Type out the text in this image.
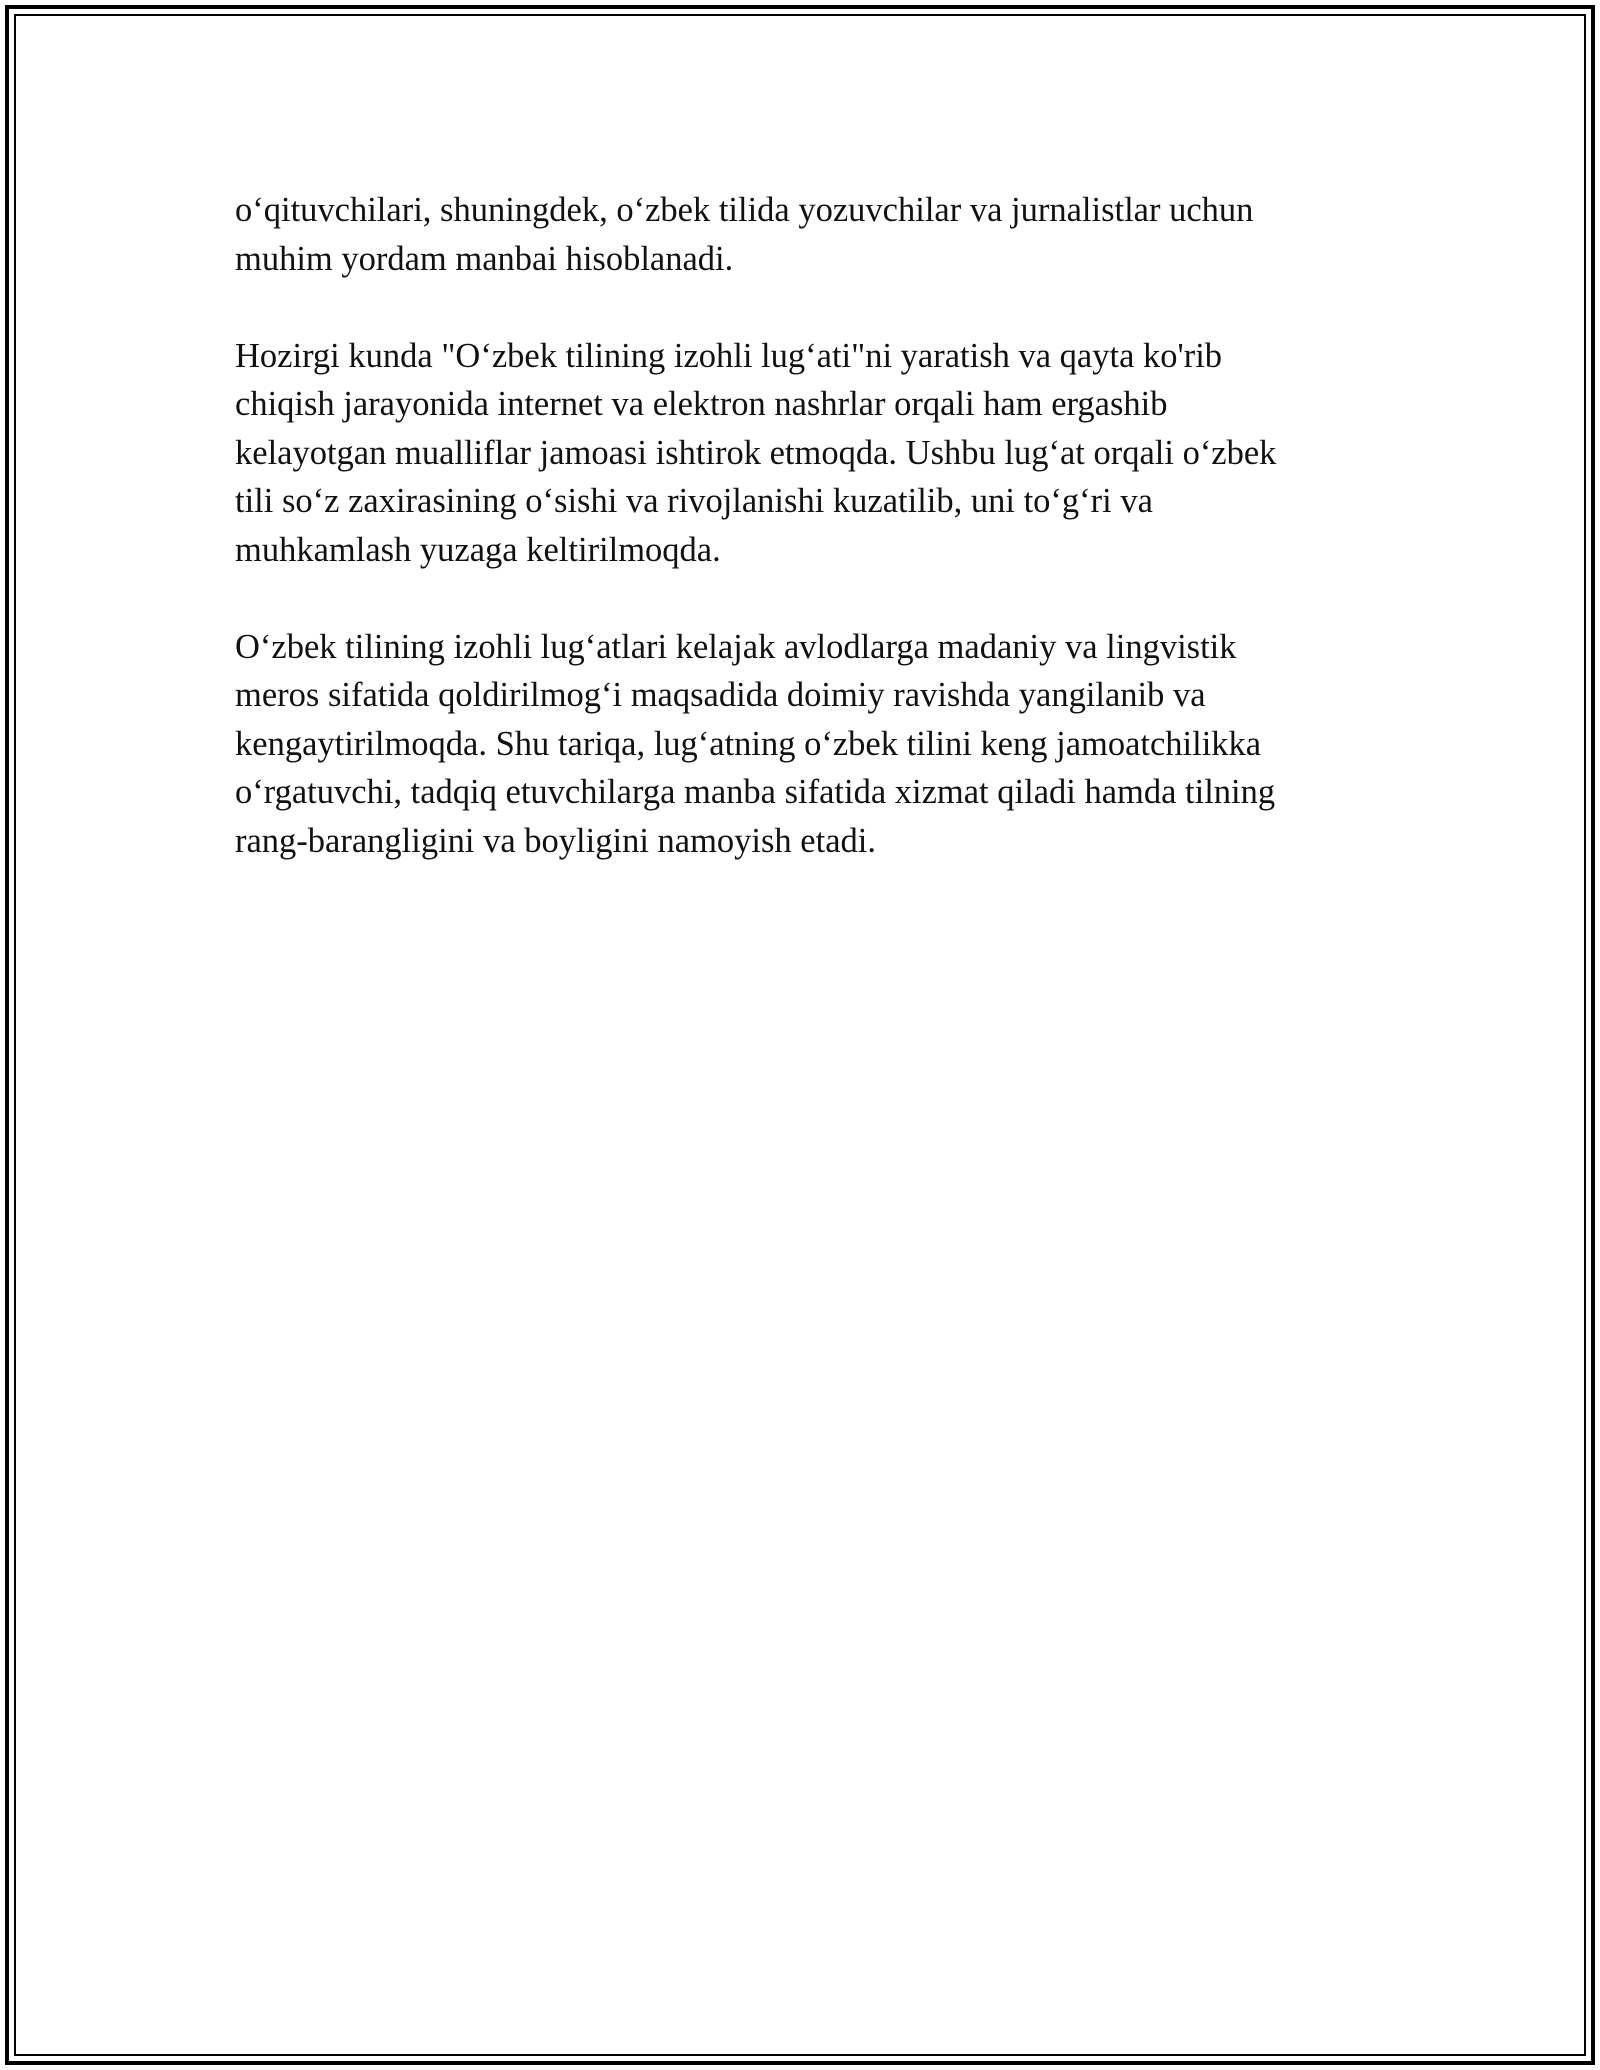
o‘qituvchilari, shuningdek, o‘zbek tilida yozuvchilar va jurnalistlar uchun
muhim yordam manbai hisoblanadi.

Hozirgi kunda "O‘zbek tilining izohli lug‘ati"ni yaratish va qayta ko'rib
chiqish jarayonida internet va elektron nashrlar orqali ham ergashib
kelayotgan mualliflar jamoasi ishtirok etmoqda. Ushbu lug‘at orqali o‘zbek
tili so‘z zaxirasining o‘sishi va rivojlanishi kuzatilib, uni to‘g‘ri va
muhkamlash yuzaga keltirilmoqda.

O‘zbek tilining izohli lug‘atlari kelajak avlodlarga madaniy va lingvistik
meros sifatida qoldirilmog‘i maqsadida doimiy ravishda yangilanib va
kengaytirilmoqda. Shu tariqa, lug‘atning o‘zbek tilini keng jamoatchilikka
o‘rgatuvchi, tadqiq etuvchilarga manba sifatida xizmat qiladi hamda tilning
rang-barangligini va boyligini namoyish etadi.
